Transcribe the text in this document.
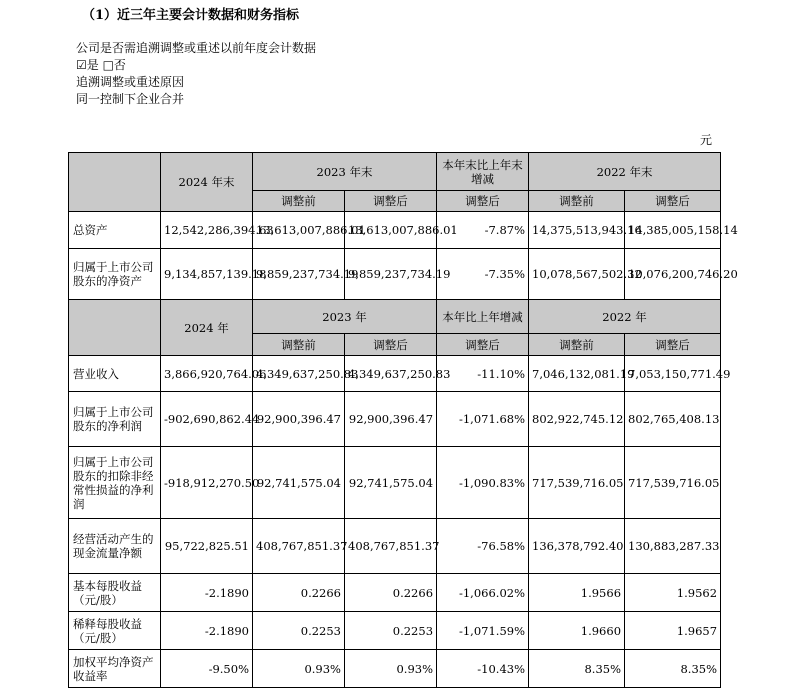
（1）近三年主要会计数据和财务指标
公司是否需追溯调整或重述以前年度会计数据
☑是 □否
追溯调整或重述原因
同一控制下企业合并
元
	2024 年末	2023 年末		本年末比上年末增减	2022 年末	
		调整前	调整后	调整后	调整前	调整后
总资产	12,542,286,394.63	13,613,007,886.01	13,613,007,886.01	-7.87%	14,375,513,943.16	14,385,005,158.14
归属于上市公司股东的净资产	9,134,857,139.18	9,859,237,734.19	9,859,237,734.19	-7.35%	10,078,567,502.32	10,076,200,746.20
	2024 年	2023 年		本年比上年增减	2022 年	
		调整前	调整后	调整后	调整前	调整后
营业收入	3,866,920,764.06	4,349,637,250.83	4,349,637,250.83	-11.10%	7,046,132,081.19	7,053,150,771.49
归属于上市公司股东的净利润	-902,690,862.44	92,900,396.47	92,900,396.47	-1,071.68%	802,922,745.12	802,765,408.13
归属于上市公司股东的扣除非经常性损益的净利润	-918,912,270.50	92,741,575.04	92,741,575.04	-1,090.83%	717,539,716.05	717,539,716.05
经营活动产生的现金流量净额	95,722,825.51	408,767,851.37	408,767,851.37	-76.58%	136,378,792.40	130,883,287.33
基本每股收益（元/股）	-2.1890	0.2266	0.2266	-1,066.02%	1.9566	1.9562
稀释每股收益（元/股）	-2.1890	0.2253	0.2253	-1,071.59%	1.9660	1.9657
加权平均净资产收益率	-9.50%	0.93%	0.93%	-10.43%	8.35%	8.35%
